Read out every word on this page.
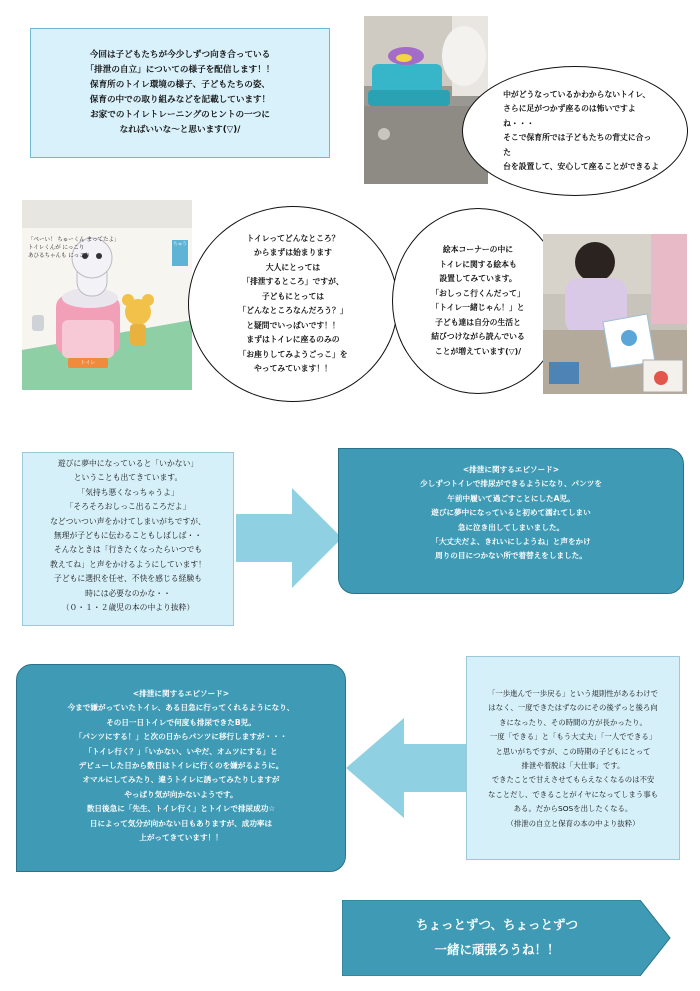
今回は子どもたちが今少しずつ向き合っている
「排泄の自立」についての様子を配信します！！
保育所のトイレ環境の様子、子どもたちの姿、
保育の中での取り組みなどを記載しています！
お家でのトイレトレーニングのヒントの一つに
なればいいな～と思います(▽)/
中がどうなっているかわからないトイレ、
さらに足がつかず座るのは怖いですよ
ね・・・
そこで保育所では子どもたちの背丈に合っ
た
台を設置して、安心して座ることができるよ
「ぺーい！ ちゅーくん まってたよ」
トイレくんが にっこり
あひるちゃんも にっこり
ちゅう
トイレ
トイレってどんなところ？
からまずは始まります
大人にとっては
「排泄するところ」ですが、
子どもにとっては
「どんなところなんだろう？」
と疑問でいっぱいです！！
まずはトイレに座るのみの
「お座りしてみようごっこ」を
やってみています！！
絵本コーナーの中に
トイレに関する絵本も
設置してみています。
「おしっこ行くんだって」
「トイレ一緒じゃん！」と
子ども達は自分の生活と
結びつけながら読んでいる
ことが増えています(▽)/
遊びに夢中になっていると「いかない」
ということも出てきています。
「気持ち悪くなっちゃうよ」
「そろそろおしっこ出るころだよ」
などついつい声をかけてしまいがちですが、
無理が子どもに伝わることもしばしば・・
そんなときは「行きたくなったらいつでも
教えてね」と声をかけるようにしています！
子どもに選択を任せ、不快を感じる経験も
時には必要なのかな・・
（０・１・２歳児の本の中より抜粋）
<排泄に関するエピソード>
少しずつトイレで排尿ができるようになり、パンツを
午前中履いて過ごすことにしたA児。
遊びに夢中になっていると初めて濡れてしまい
急に泣き出してしまいました。
「大丈夫だよ、きれいにしようね」と声をかけ
周りの目につかない所で着替えをしました。
<排泄に関するエピソード>
今まで嫌がっていたトイレ、ある日急に行ってくれるようになり、
その日一日トイレで何度も排尿できたB児。
「パンツにする！」と次の日からパンツに移行しますが・・・
「トイレ行く？」「いかない、いやだ、オムツにする」と
デビューした日から数日はトイレに行くのを嫌がるように。
オマルにしてみたり、違うトイレに誘ってみたりしますが
やっぱり気が向かないようです。
数日後急に「先生、トイレ行く」とトイレで排尿成功☆
日によって気分が向かない日もありますが、成功率は
上がってきています！！
「一歩進んで一歩戻る」という規則性があるわけで
はなく、一度できたはずなのにその後ずっと後ろ向
きになったり、その時間の方が長かったり。
一度「できる」と「もう大丈夫」「一人でできる」
と思いがちですが、この時期の子どもにとって
排泄や着脱は「大仕事」です。
できたことで甘えさせてもらえなくなるのは不安
なことだし、できることがイヤになってしまう事も
ある。だからSOSを出したくなる。
（排泄の自立と保育の本の中より抜粋）
ちょっとずつ、ちょっとずつ
一緒に頑張ろうね！！
